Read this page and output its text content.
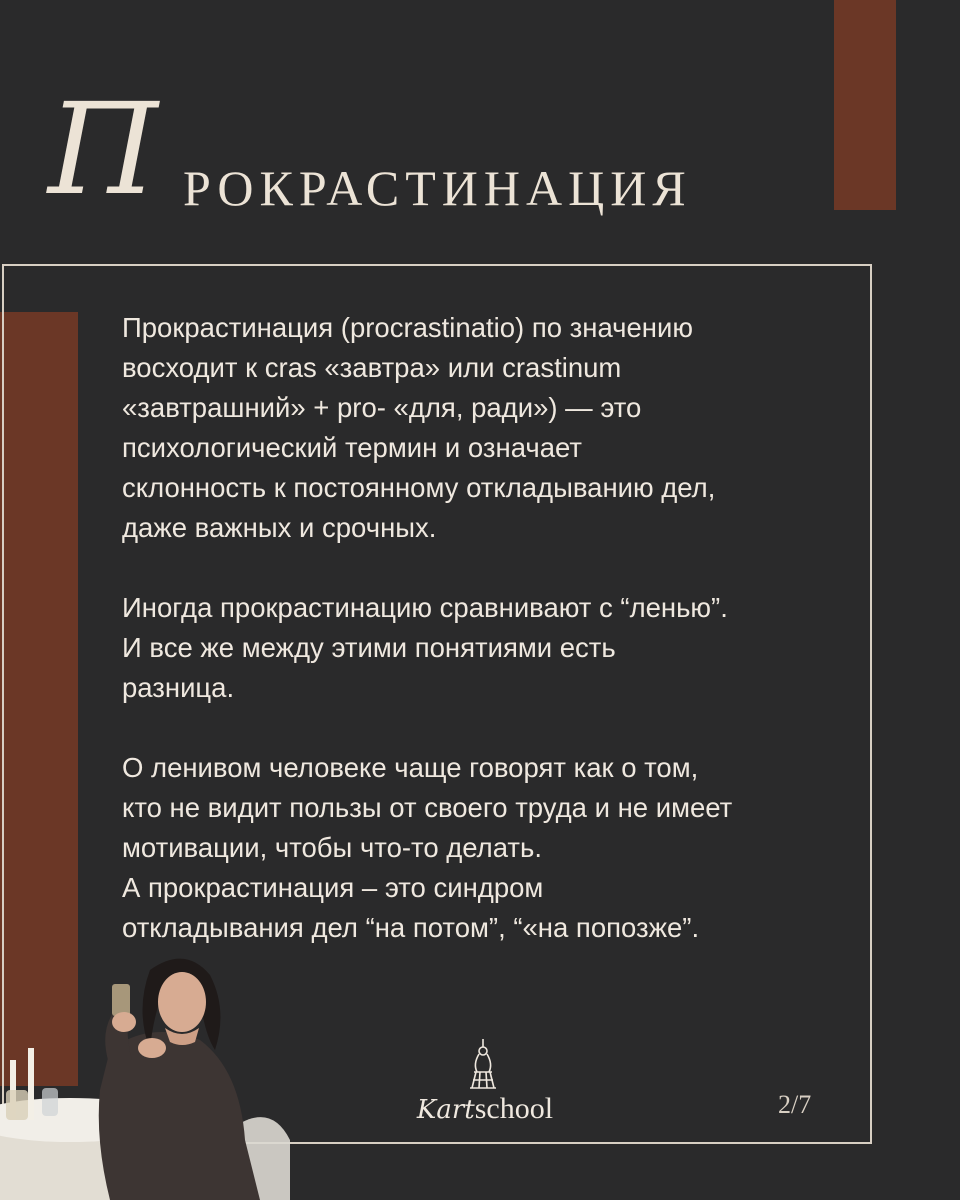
П РОКРАСТИНАЦИЯ

Прокрастинация (procrastinatio) по значению
восходит к cras «завтра» или crastinum
«завтрашний» + pro- «для, ради») — это
психологический термин и означает
склонность к постоянному откладыванию дел,
даже важных и срочных.

Иногда прокрастинацию сравнивают с “ленью”.
И все же между этими понятиями есть
разница.

О ленивом человеке чаще говорят как о том,
кто не видит пользы от своего труда и не имеет
мотивации, чтобы что-то делать.
А прокрастинация – это синдром
откладывания дел “на потом”, “«на попозже”.

Kartschool	2/7
